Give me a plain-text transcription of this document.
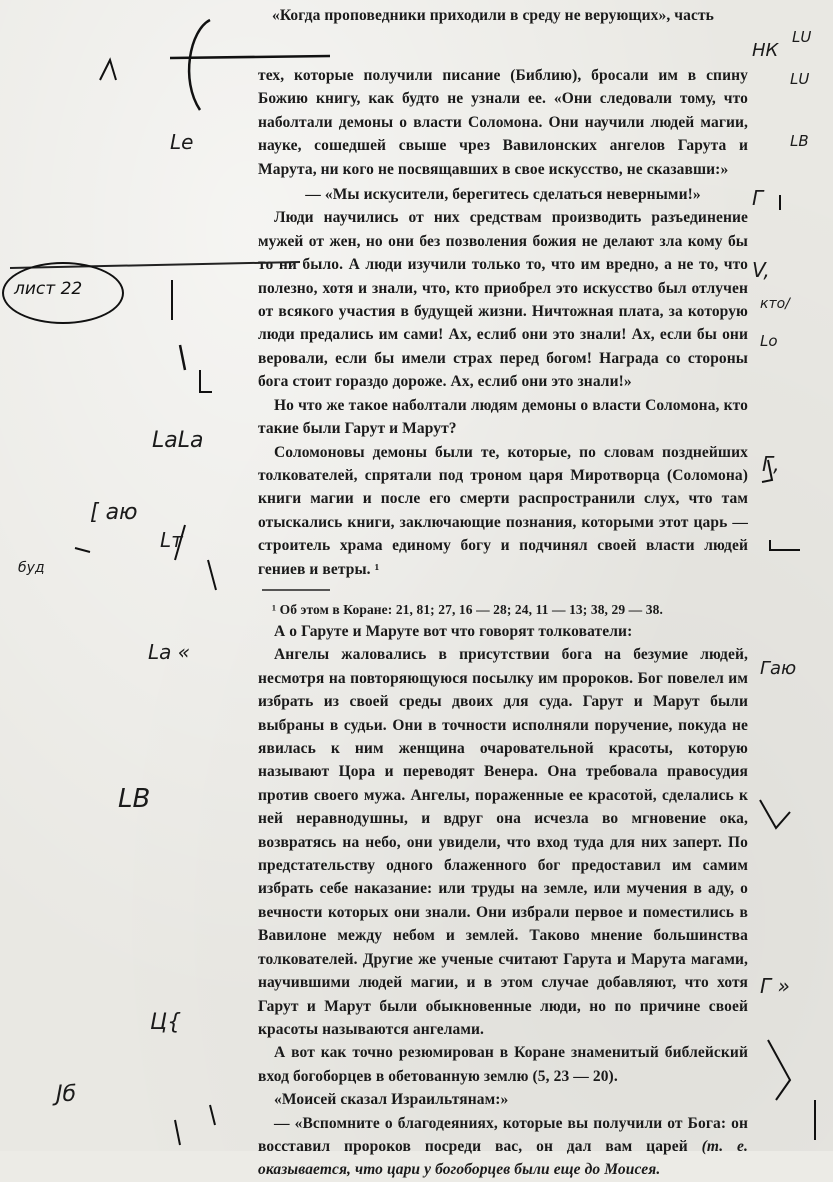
«Когда проповедники приходили в среду не верующих», часть

тех, которые получили писание (Библию), бросали им в спину Божию книгу, как будто не узнали ее. «Они следовали тому, что наболтали демоны о власти Соломона. Они научили людей магии, науке, сошедшей свыше чрез Вавилонских ангелов Гарута и Марута, ни кого не посвящавших в свое искусство, не сказавши:»

— «Мы искусители, берегитесь сделаться неверными!»

Люди научились от них средствам производить разъединение мужей от жен, но они без позволения божия не делают зла кому бы то ни было. А люди изучили только то, что им вредно, а не то, что полезно, хотя и знали, что, кто приобрел это искусство был отлучен от всякого участия в будущей жизни. Ничтожная плата, за которую люди предались им сами! Ах, еслиб они это знали! Ах, если бы они веровали, если бы имели страх перед богом! Награда со стороны бога стоит гораздо дороже. Ах, еслиб они это знали!»

Но что же такое наболтали людям демоны о власти Соломона, кто такие были Гарут и Марут?

Соломоновы демоны были те, которые, по словам позднейших толкователей, спрятали под троном царя Миротворца (Соломона) книги магии и после его смерти распространили слух, что там отыскались книги, заключающие познания, которыми этот царь — строитель храма единому богу и подчинял своей власти людей гениев и ветры. ¹

¹ Об этом в Коране: 21, 81; 27, 16 — 28; 24, 11 — 13; 38, 29 — 38.

А о Гаруте и Маруте вот что говорят толкователи:

Ангелы жаловались в присутствии бога на безумие людей, несмотря на повторяющуюся посылку им пророков. Бог повелел им избрать из своей среды двоих для суда. Гарут и Марут были выбраны в судьи. Они в точности исполняли поручение, покуда не явилась к ним женщина очаровательной красоты, которую называют Цора и переводят Венера. Она требовала правосудия против своего мужа. Ангелы, пораженные ее красотой, сделались к ней неравнодушны, и вдруг она исчезла во мгновение ока, возвратясь на небо, они увидели, что вход туда для них заперт. По предстательству одного блаженного бог предоставил им самим избрать себе наказание: или труды на земле, или мучения в аду, о вечности которых они знали. Они избрали первое и поместились в Вавилоне между небом и землей. Таково мнение большинства толкователей. Другие же ученые считают Гарута и Марута магами, научившими людей магии, и в этом случае добавляют, что хотя Гарут и Марут были обыкновенные люди, но по причине своей красоты называются ангелами.

А вот как точно резюмирован в Коране знаменитый библейский вход богоборцев в обетованную землю (5, 23 — 20).

«Моисей сказал Израильтянам:»

— «Вспомните о благодеяниях, которые вы получили от Бога: он восставил пророков посреди вас, он дал вам царей (т. е. оказывается, что цари у богоборцев были еще до Моисея.

лист 22
НК
LU
LU
LB
Г
V,
кто/
Lo
Le
LaLa
[ аю
буд
Lт
Lа «
LВ
Ц{
Jб
Гаю
Г,
Г »
